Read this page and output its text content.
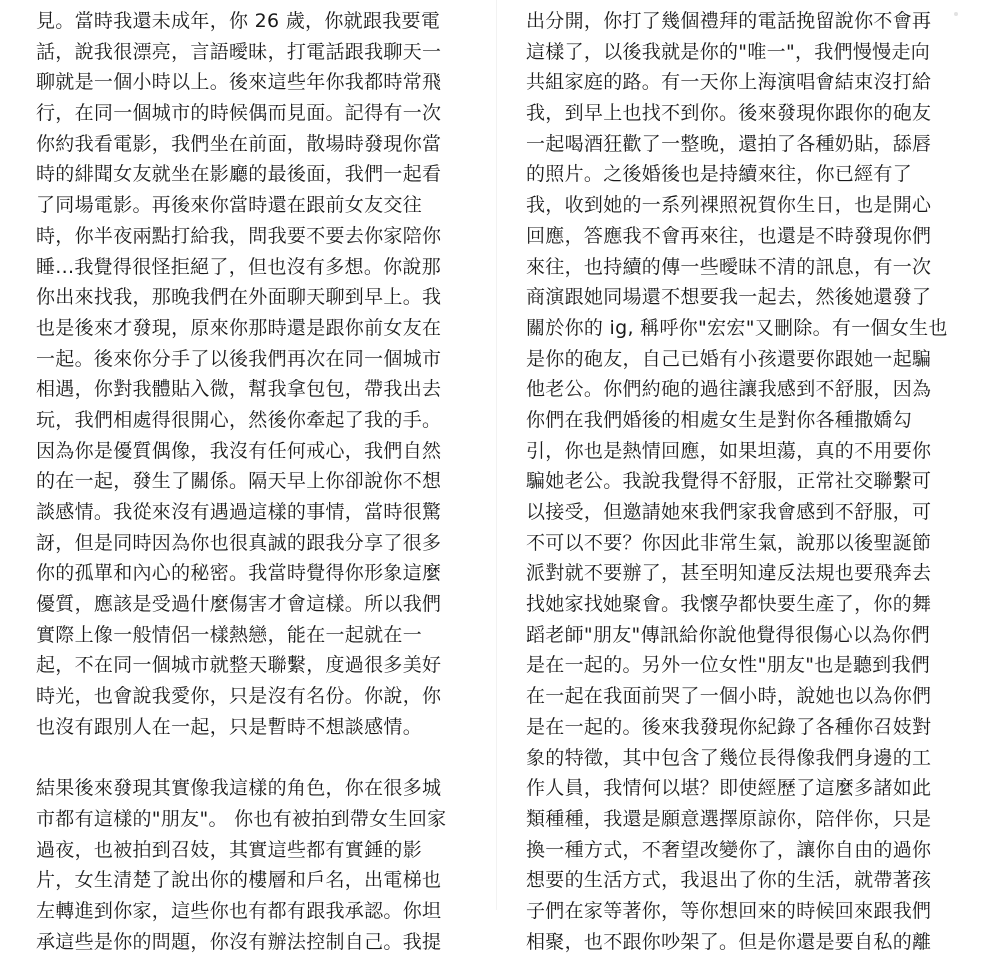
見。當時我還未成年，你 26 歲，你就跟我要電
話，說我很漂亮，言語曖昧，打電話跟我聊天一
聊就是一個小時以上。後來這些年你我都時常飛
行，在同一個城市的時候偶而見面。記得有一次
你約我看電影，我們坐在前面，散場時發現你當
時的緋聞女友就坐在影廳的最後面，我們一起看
了同場電影。再後來你當時還在跟前女友交往
時，你半夜兩點打給我，問我要不要去你家陪你
睡...我覺得很怪拒絕了，但也沒有多想。你說那
你出來找我，那晚我們在外面聊天聊到早上。我
也是後來才發現，原來你那時還是跟你前女友在
一起。後來你分手了以後我們再次在同一個城市
相遇，你對我體貼入微，幫我拿包包，帶我出去
玩，我們相處得很開心，然後你牽起了我的手。
因為你是優質偶像，我沒有任何戒心，我們自然
的在一起，發生了關係。隔天早上你卻說你不想
談感情。我從來沒有遇過這樣的事情，當時很驚
訝，但是同時因為你也很真誠的跟我分享了很多
你的孤單和內心的秘密。我當時覺得你形象這麼
優質，應該是受過什麼傷害才會這樣。所以我們
實際上像一般情侶一樣熱戀，能在一起就在一
起，不在同一個城市就整天聯繫，度過很多美好
時光，也會說我愛你，只是沒有名份。你說，你
也沒有跟別人在一起，只是暫時不想談感情。
結果後來發現其實像我這樣的角色，你在很多城
市都有這樣的"朋友"。 你也有被拍到帶女生回家
過夜，也被拍到召妓，其實這些都有實錘的影
片，女生清楚了說出你的樓層和戶名，出電梯也
左轉進到你家，這些你也有都有跟我承認。你坦
承這些是你的問題，你沒有辦法控制自己。我提
出分開，你打了幾個禮拜的電話挽留說你不會再
這樣了，以後我就是你的"唯一"，我們慢慢走向
共組家庭的路。有一天你上海演唱會結束沒打給
我，到早上也找不到你。後來發現你跟你的砲友
一起喝酒狂歡了一整晚，還拍了各種奶貼，舔唇
的照片。之後婚後也是持續來往，你已經有了
我，收到她的一系列裸照祝賀你生日，也是開心
回應，答應我不會再來往，也還是不時發現你們
來往，也持續的傳一些曖昧不清的訊息，有一次
商演跟她同場還不想要我一起去，然後她還發了
關於你的 ig, 稱呼你"宏宏"又刪除。有一個女生也
是你的砲友，自己已婚有小孩還要你跟她一起騙
他老公。你們約砲的過往讓我感到不舒服，因為
你們在我們婚後的相處女生是對你各種撒嬌勾
引，你也是熱情回應，如果坦蕩，真的不用要你
騙她老公。我說我覺得不舒服，正常社交聯繫可
以接受，但邀請她來我們家我會感到不舒服，可
不可以不要？你因此非常生氣，說那以後聖誕節
派對就不要辦了，甚至明知違反法規也要飛奔去
找她家找她聚會。我懷孕都快要生產了，你的舞
蹈老師"朋友"傳訊給你說他覺得很傷心以為你們
是在一起的。另外一位女性"朋友"也是聽到我們
在一起在我面前哭了一個小時，說她也以為你們
是在一起的。後來我發現你紀錄了各種你召妓對
象的特徵，其中包含了幾位長得像我們身邊的工
作人員，我情何以堪？即使經歷了這麼多諸如此
類種種，我還是願意選擇原諒你，陪伴你，只是
換一種方式，不奢望改變你了，讓你自由的過你
想要的生活方式，我退出了你的生活，就帶著孩
子們在家等著你，等你想回來的時候回來跟我們
相聚，也不跟你吵架了。但是你還是要自私的離
